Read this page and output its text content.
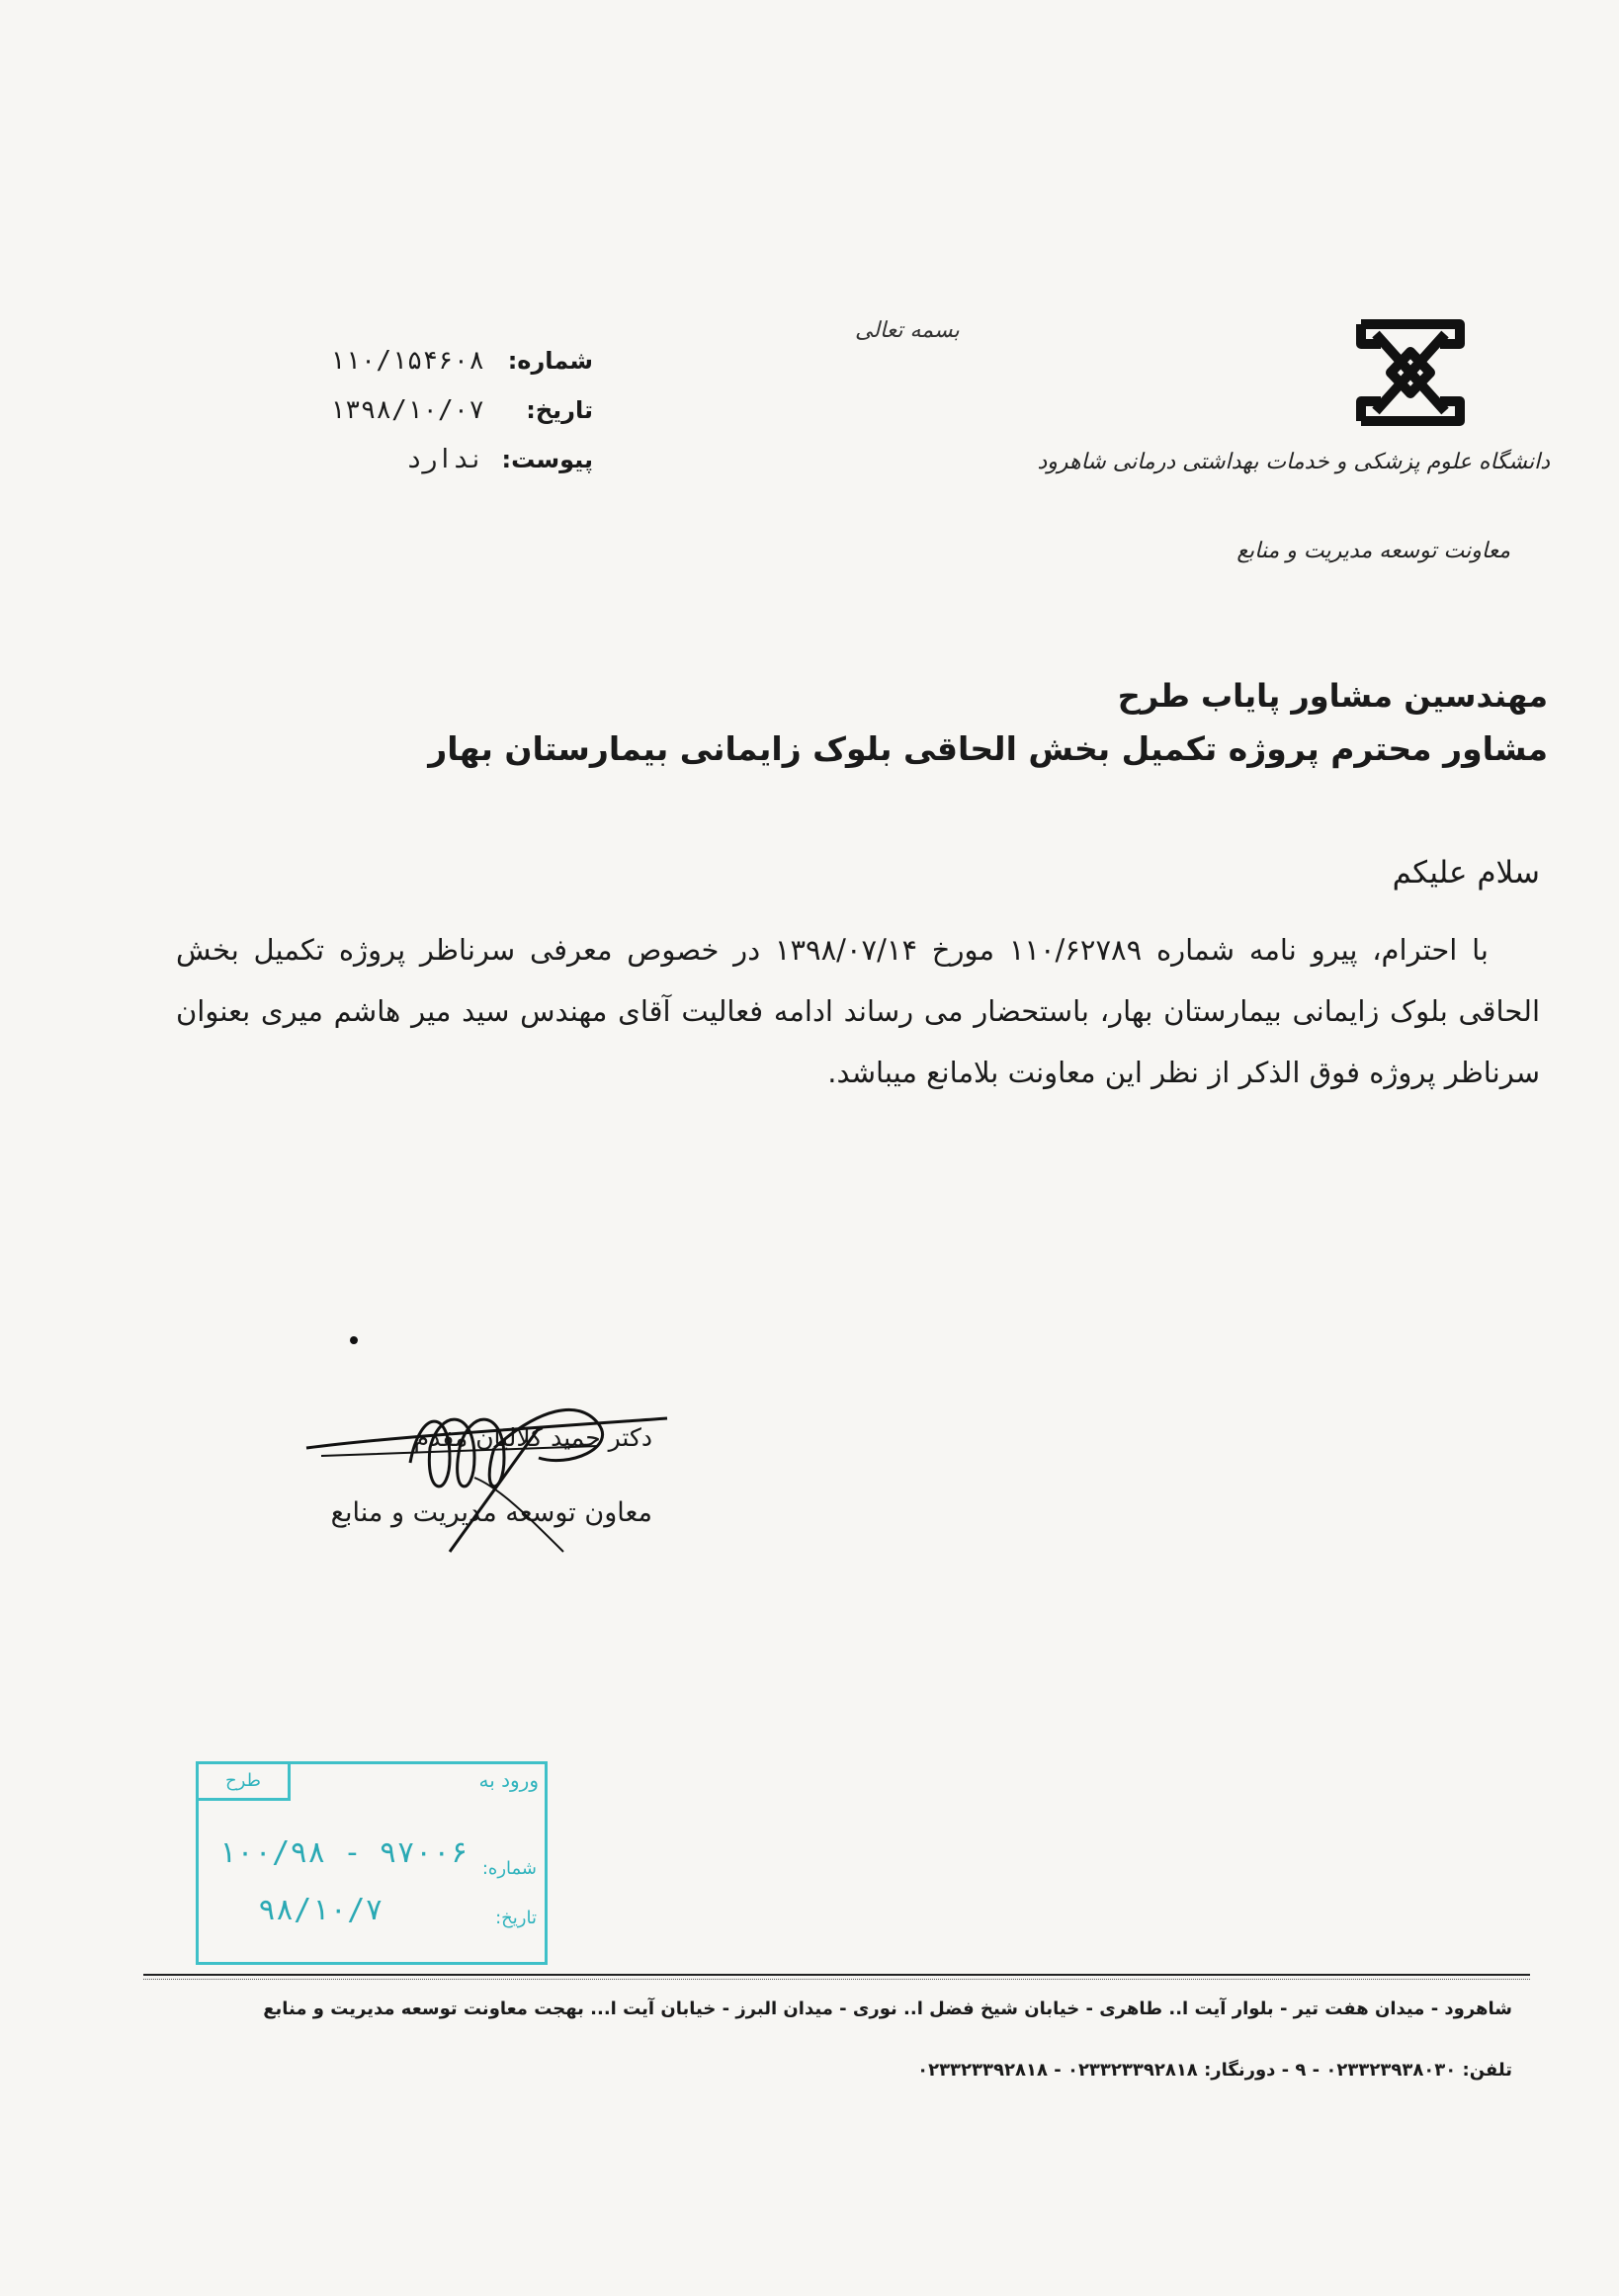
بسمه تعالی
دانشگاه علوم پزشکی و خدمات بهداشتی درمانی شاهرود
معاونت توسعه مدیریت و منابع
شماره:
۱۱۰/۱۵۴۶۰۸
تاریخ:
۱۳۹۸/۱۰/۰۷
پیوست:
ندارد
مهندسین مشاور پایاب طرح
مشاور محترم پروژه تکمیل بخش الحاقی بلوک زایمانی بیمارستان بهار
سلام علیکم

با احترام، پیرو نامه شماره ۱۱۰/۶۲۷۸۹ مورخ ۱۳۹۸/۰۷/۱۴ در خصوص معرفی سرناظر پروژه تکمیل بخش الحاقی بلوک زایمانی بیمارستان بهار، باستحضار می رساند ادامه فعالیت آقای مهندس سید میر هاشم میری بعنوان سرناظر پروژه فوق الذکر از نظر این معاونت بلامانع میباشد.

دکتر حمید کلالیان مقدم
معاون توسعه مدیریت و منابع
طرح	ورود به
شماره:
تاریخ:
۱۰۰/۹۸ - ۹۷۰۰۶
۹۸/۱۰/۷
شاهرود - میدان هفت تیر - بلوار آیت ا.. طاهری - خیابان شیخ فضل ا.. نوری - میدان البرز - خیابان آیت ا... بهجت معاونت توسعه مدیریت و منابع
تلفن: ۰۲۳۳۲۳۹۳۸۰۳۰ - ۹ - دورنگار: ۰۲۳۳۲۳۳۹۲۸۱۸ - ۰۲۳۳۲۳۳۹۲۸۱۸
